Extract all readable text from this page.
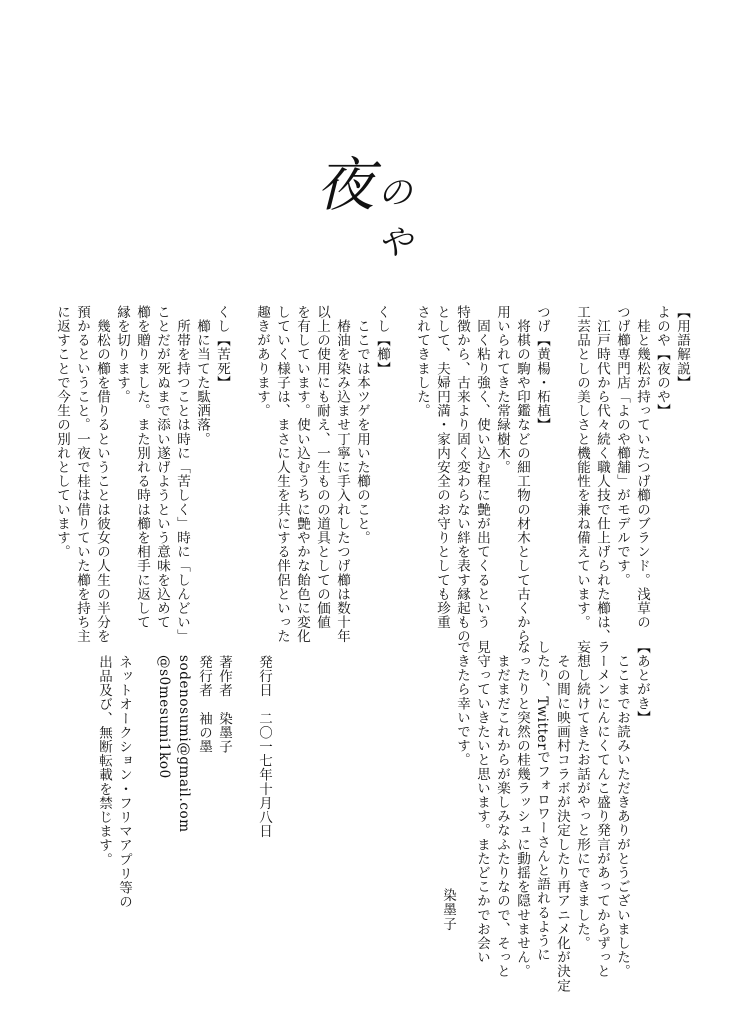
夜 のや
【用語解説】
よのや【夜のや】
　桂と幾松が持っていたつげ櫛のブランド。浅草の
つげ櫛専門店「よのや櫛舗」がモデルです。
　江戸時代から代々続く職人技で仕上げられた櫛は、
工芸品としの美しさと機能性を兼ね備えています。

つげ【黄楊・柘植】
　将棋の駒や印鑑などの細工物の材木として古くから
用いられてきた常緑樹木。
　固く粘り強く、使い込む程に艶が出てくるという
特徴から、古来より固く変わらない絆を表す縁起もの
として、夫婦円満・家内安全のお守りとしても珍重
されてきました。

くし【櫛】
　ここでは本ツゲを用いた櫛のこと。
　椿油を染み込ませ丁寧に手入れしたつげ櫛は数十年
以上の使用にも耐え、一生ものの道具としての価値
を有しています。使い込むうちに艶やかな飴色に変化
していく様子は、まさに人生を共にする伴侶といった
趣きがあります。

くし【苦死】
　櫛に当てた駄洒落。
　所帯を持つことは時に「苦しく」時に「しんどい」
ことだが死ぬまで添い遂げようという意味を込めて
櫛を贈りました。また別れる時は櫛を相手に返して
縁を切ります。
　幾松の櫛を借りるということは彼女の人生の半分を
預かるということ。一夜で桂は借りていた櫛を持ち主
に返すことで今生の別れとしています。
【あとがき】
　ここまでお読みいただきありがとうございました。
ラーメンにんにくてんこ盛り発言があってからずっと
妄想し続けてきたお話がやっと形にできました。
　その間に映画村コラボが決定したり再アニメ化が決定
したり、Twitterでフォロワーさんと語れるように
なったりと突然の桂幾ラッシュに動揺を隠せません。
　まだまだこれからが楽しみなふたりなので、そっと
見守っていきたいと思います。またどこかでお会い
できたら幸いです。
染墨子
発行日　二〇一七年十月八日

著作者　染墨子
発行者　袖の墨
sodenosumi@gmail.com
@s0mesumi1ko0

ネットオークション・フリマアプリ等の
出品及び、無断転載を禁じます。
